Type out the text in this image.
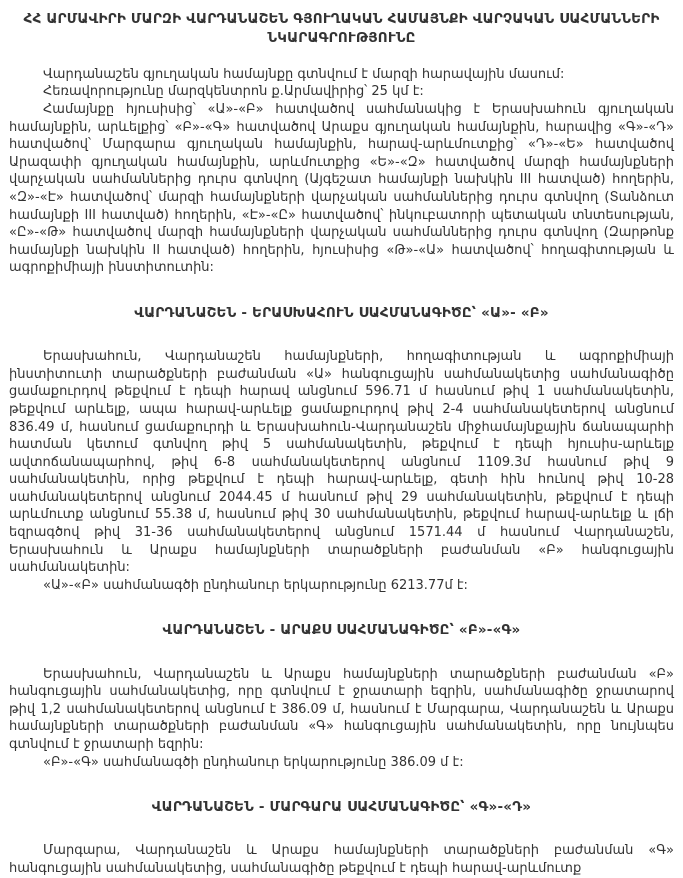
ՀՀ ԱՐՄԱՎԻՐԻ ՄԱՐԶԻ ՎԱՐԴԱՆԱՇԵՆ ԳՅՈՒՂԱԿԱՆ ՀԱՄԱՅՆՔԻ ՎԱՐՉԱԿԱՆ ՍԱՀՄԱՆՆԵՐԻ ՆԿԱՐԱԳՐՈՒԹՅՈՒՆԸ

Վարդանաշեն գյուղական համայնքը գտնվում է մարզի հարավային մասում:

Հեռավորությունը մարզկենտրոն ք.Արմավիրից՝ 25 կմ է:

Համայնքը հյուսիսից՝ «Ա»-«Բ» հատվածով սահմանակից է Երասխահուն գյուղական համայնքին, արևելքից՝ «Բ»-«Գ» հատվածով Արաքս գյուղական համայնքին, հարավից «Գ»-«Դ» հատվածով՝ Մարգարա գյուղական համայնքին, հարավ-արևմուտքից՝ «Դ»-«Ե» հատվածով Արազափի գյուղական համայնքին, արևմուտքից «Ե»-«Զ» հատվածով մարզի համայնքների վարչական սահմաններից դուրս գտնվող (Այգեշատ համայնքի նախկին III հատված) հողերին, «Զ»-«Է» հատվածով՝ մարզի համայնքների վարչական սահմաններից դուրս գտնվող (Տանձուտ համայնքի III հատված) հողերին, «Է»-«Ը» հատվածով՝ ինկուբատորի պետական տնտեսության, «Ը»-«Թ» հատվածով մարզի համայնքների վարչական սահմաններից դուրս գտնվող (Զարթոնք համայնքի նախկին II հատված) հողերին, հյուսիսից «Թ»-«Ա» հատվածով՝ հողագիտության և ագրոքիմիայի ինստիտուտին:

ՎԱՐԴԱՆԱՇԵՆ - ԵՐԱՍԽԱՀՈՒՆ ՍԱՀՄԱՆԱԳԻԾԸ՝ «Ա»- «Բ»

Երասխահուն, Վարդանաշեն համայնքների, հողագիտության և ագրոքիմիայի ինստիտուտի տարածքների բաժանման «Ա» հանգուցային սահմանակետից սահմանագիծը ցամաքուրդով թեքվում է դեպի հարավ անցնում 596.71 մ հասնում թիվ 1 սահմանակետին, թեքվում արևելք, ապա հարավ-արևելք ցամաքուրդով թիվ 2-4 սահմանակետերով անցնում 836.49 մ, հասնում ցամաքուրդի և Երասխահուն-Վարդանաշեն միջհամայնքային ճանապարհի հատման կետում գտնվող թիվ 5 սահմանակետին, թեքվում է դեպի հյուսիս-արևելք ավտոճանապարհով, թիվ 6-8 սահմանակետերով անցնում 1109.3մ հասնում թիվ 9 սահմանակետին, որից թեքվում է դեպի հարավ-արևելք, գետի հին հունով թիվ 10-28 սահմանակետերով անցնում 2044.45 մ հասնում թիվ 29 սահմանակետին, թեքվում է դեպի արևմուտք անցնում 55.38 մ, հասնում թիվ 30 սահմանակետին, թեքվում հարավ-արևելք և լճի եզրագծով թիվ 31-36 սահմանակետերով անցնում 1571.44 մ հասնում Վարդանաշեն, Երասխահուն և Արաքս համայնքների տարածքների բաժանման «Բ» հանգուցային սահմանակետին:

«Ա»-«Բ» սահմանագծի ընդհանուր երկարությունը 6213.77մ է:

ՎԱՐԴԱՆԱՇԵՆ - ԱՐԱՔՍ ՍԱՀՄԱՆԱԳԻԾԸ՝ «Բ»-«Գ»

Երասխահուն, Վարդանաշեն և Արաքս համայնքների տարածքների բաժանման «Բ» հանգուցային սահմանակետից, որը գտնվում է ջրատարի եզրին, սահմանագիծը ջրատարով թիվ 1,2 սահմանակետերով անցնում է 386.09 մ, հասնում է Մարգարա, Վարդանաշեն և Արաքս համայնքների տարածքների բաժանման «Գ» հանգուցային սահմանակետին, որը նույնպես գտնվում է ջրատարի եզրին:

«Բ»-«Գ» սահմանագծի ընդհանուր երկարությունը 386.09 մ է:

ՎԱՐԴԱՆԱՇԵՆ - ՄԱՐԳԱՐԱ ՍԱՀՄԱՆԱԳԻԾԸ՝ «Գ»-«Դ»

Մարգարա, Վարդանաշեն և Արաքս համայնքների տարածքների բաժանման «Գ» հանգուցային սահմանակետից, սահմանագիծը թեքվում է դեպի հարավ-արևմուտք
